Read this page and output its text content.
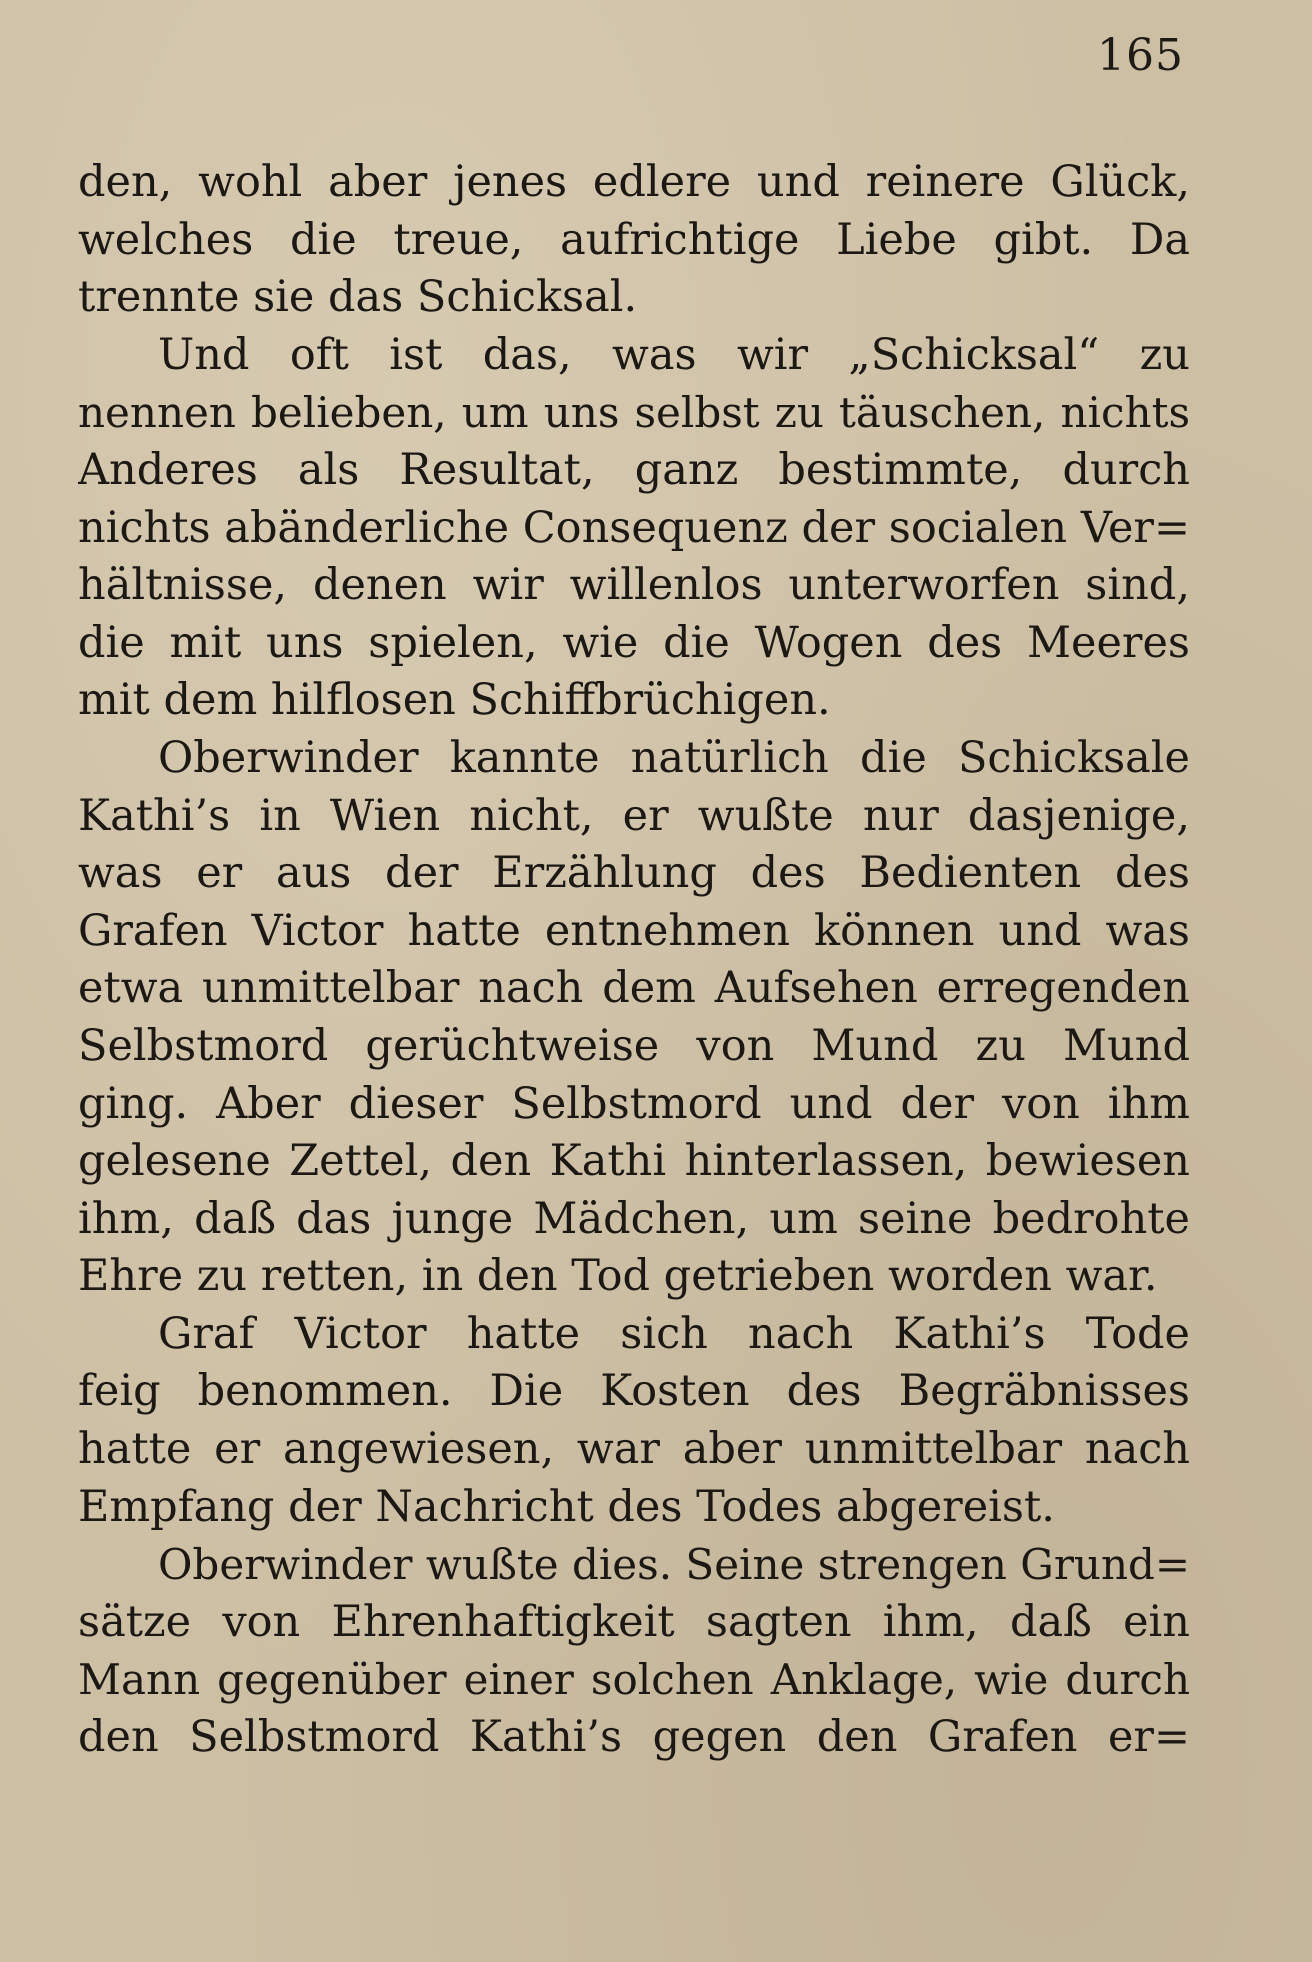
165
den, wohl aber jenes edlere und reinere Glück,
welches die treue, aufrichtige Liebe gibt. Da
trennte sie das Schicksal.
Und oft ist das, was wir „Schicksal“ zu
nennen belieben, um uns selbst zu täuschen, nichts
Anderes als Resultat, ganz bestimmte, durch
nichts abänderliche Consequenz der socialen Ver=
hältnisse, denen wir willenlos unterworfen sind,
die mit uns spielen, wie die Wogen des Meeres
mit dem hilflosen Schiffbrüchigen.
Oberwinder kannte natürlich die Schicksale
Kathi’s in Wien nicht, er wußte nur dasjenige,
was er aus der Erzählung des Bedienten des
Grafen Victor hatte entnehmen können und was
etwa unmittelbar nach dem Aufsehen erregenden
Selbstmord gerüchtweise von Mund zu Mund
ging. Aber dieser Selbstmord und der von ihm
gelesene Zettel, den Kathi hinterlassen, bewiesen
ihm, daß das junge Mädchen, um seine bedrohte
Ehre zu retten, in den Tod getrieben worden war.
Graf Victor hatte sich nach Kathi’s Tode
feig benommen. Die Kosten des Begräbnisses
hatte er angewiesen, war aber unmittelbar nach
Empfang der Nachricht des Todes abgereist.
Oberwinder wußte dies. Seine strengen Grund=
sätze von Ehrenhaftigkeit sagten ihm, daß ein
Mann gegenüber einer solchen Anklage, wie durch
den Selbstmord Kathi’s gegen den Grafen er=
